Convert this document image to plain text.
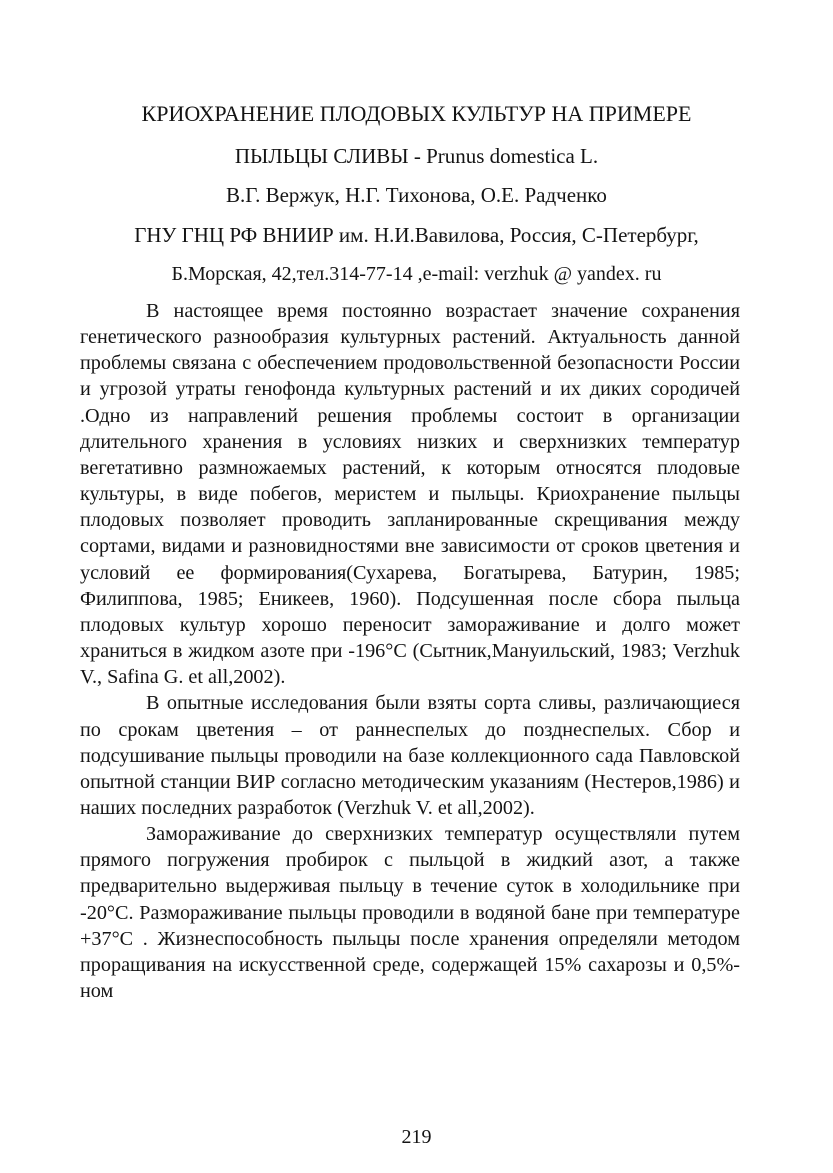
КРИОХРАНЕНИЕ ПЛОДОВЫХ КУЛЬТУР НА ПРИМЕРЕ
ПЫЛЬЦЫ СЛИВЫ - Prunus domestica L.
В.Г. Вержук, Н.Г. Тихонова, О.Е. Радченко
ГНУ ГНЦ РФ ВНИИР им. Н.И.Вавилова, Россия, С-Петербург,
Б.Морская, 42,тел.314-77-14 ,e-mail: verzhuk @ yandex. ru

В настоящее время постоянно возрастает значение сохранения генетического разнообразия культурных растений. Актуальность данной проблемы связана с обеспечением продовольственной безопасности России и угрозой утраты генофонда культурных растений и их диких сородичей .Одно из направлений решения проблемы состоит в организации длительного хранения в условиях низких и сверхнизких температур вегетативно размножаемых растений, к которым относятся плодовые культуры, в виде побегов, меристем и пыльцы. Криохранение пыльцы плодовых позволяет проводить запланированные скрещивания между сортами, видами и разновидностями вне зависимости от сроков цветения и условий ее формирования(Сухарева, Богатырева, Батурин, 1985; Филиппова, 1985; Еникеев, 1960). Подсушенная после сбора пыльца плодовых культур хорошо переносит замораживание и долго может храниться в жидком азоте при -196°С (Сытник,Мануильский, 1983; Verzhuk V., Safina G. et all,2002).

В опытные исследования были взяты сорта сливы, различающиеся по срокам цветения – от раннеспелых до позднеспелых. Сбор и подсушивание пыльцы проводили на базе коллекционного сада Павловской опытной станции ВИР согласно методическим указаниям (Нестеров,1986) и наших последних разработок (Verzhuk V. et all,2002).

Замораживание до сверхнизких температур осуществляли путем прямого погружения пробирок с пыльцой в жидкий азот, а также предварительно выдерживая пыльцу в течение суток в холодильнике при -20°С. Размораживание пыльцы проводили в водяной бане при температуре +37°С . Жизнеспособность пыльцы после хранения определяли методом проращивания на искусственной среде, содержащей 15% сахарозы и 0,5%-ном

219
